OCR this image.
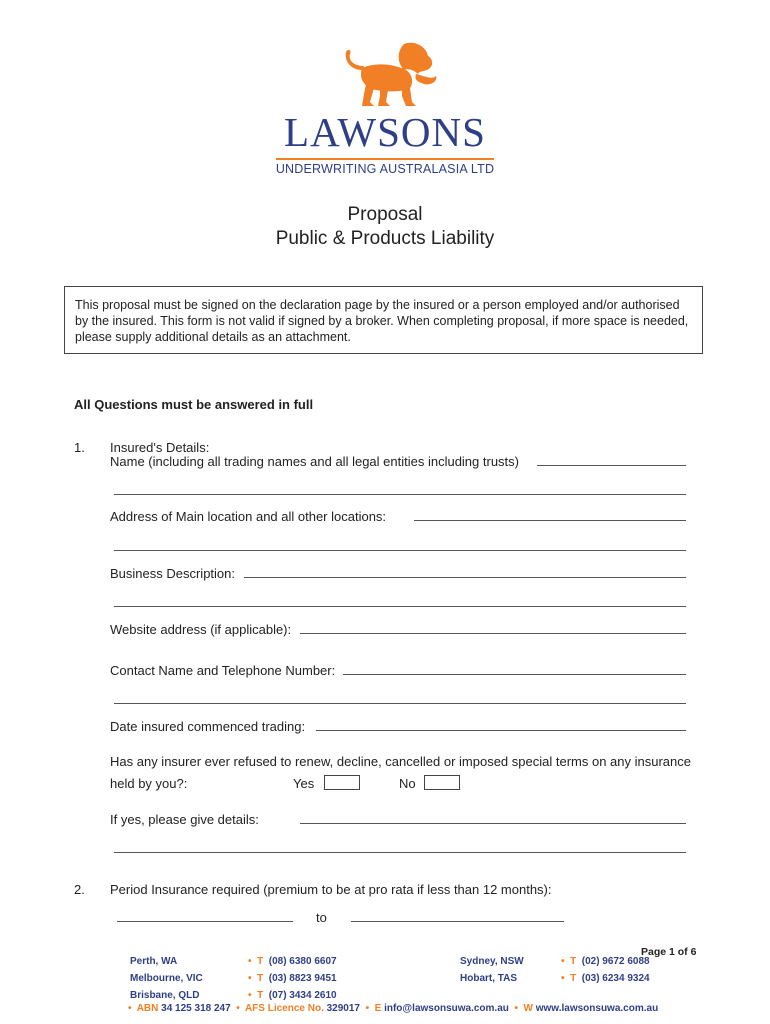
LAWSONS
UNDERWRITING AUSTRALASIA LTD
Proposal
Public & Products Liability
This proposal must be signed on the declaration page by the insured or a person employed and/or authorised by the insured. This form is not valid if signed by a broker. When completing proposal, if more space is needed, please supply additional details as an attachment.
All Questions must be answered in full
1. Insured's Details:
Name (including all trading names and all legal entities including trusts)
Address of Main location and all other locations:
Business Description:
Website address (if applicable):
Contact Name and Telephone Number:
Date insured commenced trading:
Has any insurer ever refused to renew, decline, cancelled or imposed special terms on any insurance
held by you?:	Yes	No
If yes, please give details:
2. Period Insurance required (premium to be at pro rata if less than 12 months):
to
Page 1 of 6
Perth, WA	• T (08) 6380 6607
Melbourne, VIC	• T (03) 8823 9451
Brisbane, QLD	• T (07) 3434 2610
Sydney, NSW	• T (02) 9672 6088
Hobart, TAS	• T (03) 6234 9324
• ABN 34 125 318 247 • AFS Licence No. 329017 • E info@lawsonsuwa.com.au • W www.lawsonsuwa.com.au
